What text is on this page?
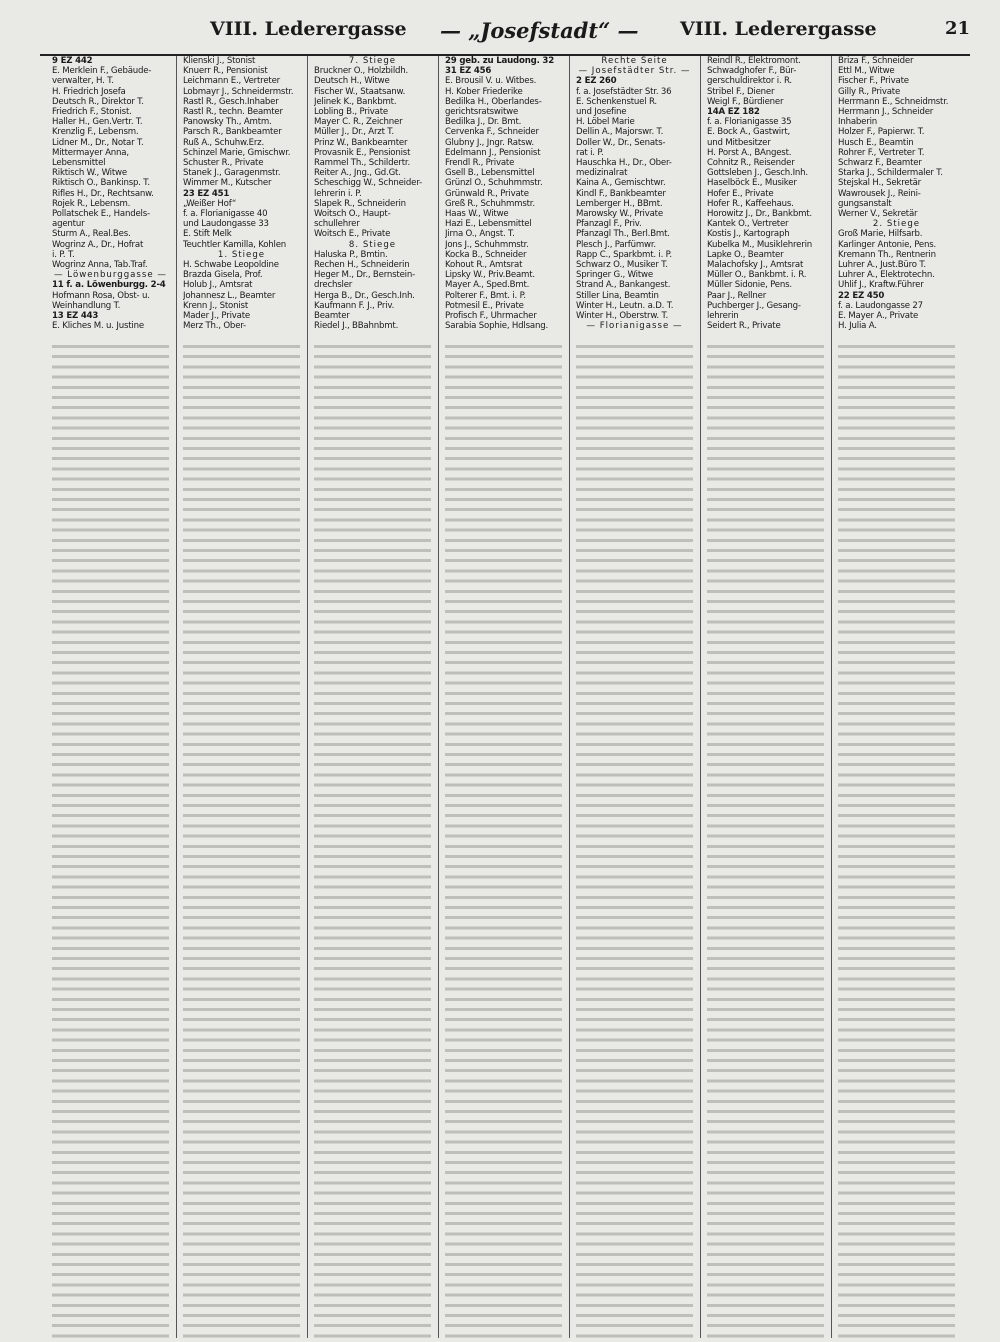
VIII. Lederergasse — „Josefstadt“ — VIII. Lederergasse	21
9 EZ 442
E. Merklein F., Gebäude-
verwalter, H. T.
H. Friedrich Josefa
Deutsch R., Direktor T.
Friedrich F., Stonist.
Haller H., Gen.Vertr. T.
Krenzlig F., Lebensm.
Lidner M., Dr., Notar T.
Mittermayer Anna,
Lebensmittel
Riktisch W., Witwe
Riktisch O., Bankinsp. T.
Rifles H., Dr., Rechtsanw.
Rojek R., Lebensm.
Pollatschek E., Handels-
agentur
Sturm A., Real.Bes.
Wogrinz A., Dr., Hofrat
i. P. T.
Wogrinz Anna, Tab.Traf.
— Löwenburggasse —
11 f. a. Löwenburgg. 2-4
Hofmann Rosa, Obst- u.
Weinhandlung T.
13 EZ 443
E. Kliches M. u. Justine
Klienski J., Stonist
Knuerr R., Pensionist
Leichmann E., Vertreter
Lobmayr J., Schneidermstr.
Rastl R., Gesch.Inhaber
Rastl R., techn. Beamter
Panowsky Th., Amtm.
Parsch R., Bankbeamter
Ruß A., Schuhw.Erz.
Schinzel Marie, Gmischwr.
Schuster R., Private
Stanek J., Garagenmstr.
Wimmer M., Kutscher
23 EZ 451
„Weißer Hof“
f. a. Florianigasse 40
und Laudongasse 33
E. Stift Melk
Teuchtler Kamilla, Kohlen
1. Stiege
H. Schwabe Leopoldine
Brazda Gisela, Prof.
Holub J., Amtsrat
Johannesz L., Beamter
Krenn J., Stonist
Mader J., Private
Merz Th., Ober-
7. Stiege
Bruckner O., Holzbildh.
Deutsch H., Witwe
Fischer W., Staatsanw.
Jelinek K., Bankbmt.
Lobling B., Private
Mayer C. R., Zeichner
Müller J., Dr., Arzt T.
Prinz W., Bankbeamter
Provasnik E., Pensionist
Rammel Th., Schildertr.
Reiter A., Jng., Gd.Gt.
Scheschigg W., Schneider-
lehrerin i. P.
Slapek R., Schneiderin
Woitsch O., Haupt-
schullehrer
Woitsch E., Private
8. Stiege
Haluska P., Bmtin.
Rechen H., Schneiderin
Heger M., Dr., Bernstein-
drechsler
Herga B., Dr., Gesch.Inh.
Kaufmann F. J., Priv.
Beamter
Riedel J., BBahnbmt.
29 geb. zu Laudong. 32
31 EZ 456
E. Brousil V. u. Witbes.
H. Kober Friederike
Bedilka H., Oberlandes-
gerichtsratswitwe
Bedilka J., Dr. Bmt.
Cervenka F., Schneider
Glubny J., Jngr. Ratsw.
Edelmann J., Pensionist
Frendl R., Private
Gsell B., Lebensmittel
Grünzl O., Schuhmmstr.
Grünwald R., Private
Greß R., Schuhmmstr.
Haas W., Witwe
Hazi E., Lebensmittel
Jirna O., Angst. T.
Jons J., Schuhmmstr.
Kocka B., Schneider
Kohout R., Amtsrat
Lipsky W., Priv.Beamt.
Mayer A., Sped.Bmt.
Polterer F., Bmt. i. P.
Potmesil E., Private
Profisch F., Uhrmacher
Sarabia Sophie, Hdlsang.
Rechte Seite
— Josefstädter Str. —
2 EZ 260
f. a. Josefstädter Str. 36
E. Schenkenstuel R.
und Josefine
H. Löbel Marie
Dellin A., Majorswr. T.
Doller W., Dr., Senats-
rat i. P.
Hauschka H., Dr., Ober-
medizinalrat
Kaina A., Gemischtwr.
Kindl F., Bankbeamter
Lemberger H., BBmt.
Marowsky W., Private
Pfanzagl F., Priv.
Pfanzagl Th., Berl.Bmt.
Plesch J., Parfümwr.
Rapp C., Sparkbmt. i. P.
Schwarz O., Musiker T.
Springer G., Witwe
Strand A., Bankangest.
Stiller Lina, Beamtin
Winter H., Leutn. a.D. T.
Winter H., Oberstrw. T.
— Florianigasse —
Reindl R., Elektromont.
Schwadghofer F., Bür-
gerschuldirektor i. R.
Stribel F., Diener
Weigl F., Bürdiener
14A EZ 182
f. a. Florianigasse 35
E. Bock A., Gastwirt,
und Mitbesitzer
H. Porst A., BAngest.
Cohnitz R., Reisender
Gottsleben J., Gesch.Inh.
Haselböck E., Musiker
Hofer E., Private
Hofer R., Kaffeehaus.
Horowitz J., Dr., Bankbmt.
Kantek O., Vertreter
Kostis J., Kartograph
Kubelka M., Musiklehrerin
Lapke O., Beamter
Malachofsky J., Amtsrat
Müller O., Bankbmt. i. R.
Müller Sidonie, Pens.
Paar J., Rellner
Puchberger J., Gesang-
lehrerin
Seidert R., Private
Briza F., Schneider
Ettl M., Witwe
Fischer F., Private
Gilly R., Private
Herrmann E., Schneidmstr.
Herrmann J., Schneider
Inhaberin
Holzer F., Papierwr. T.
Husch E., Beamtin
Rohrer F., Vertreter T.
Schwarz F., Beamter
Starka J., Schildermaler T.
Stejskal H., Sekretär
Wawrousek J., Reini-
gungsanstalt
Werner V., Sekretär
2. Stiege
Groß Marie, Hilfsarb.
Karlinger Antonie, Pens.
Kremann Th., Rentnerin
Luhrer A., Just.Büro T.
Luhrer A., Elektrotechn.
Uhlif J., Kraftw.Führer
22 EZ 450
f. a. Laudongasse 27
E. Mayer A., Private
H. Julia A.
